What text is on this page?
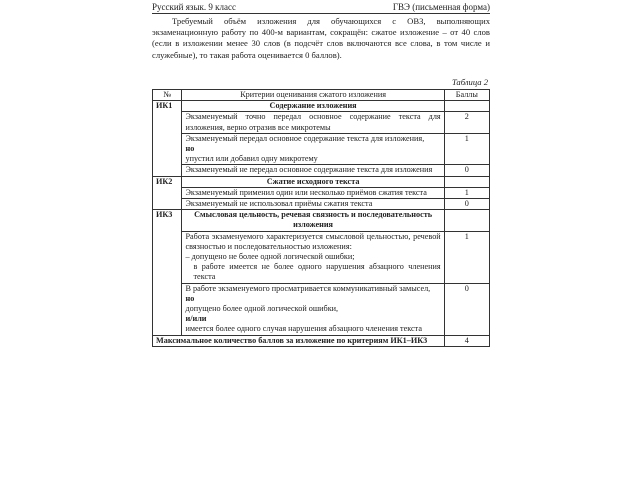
Русский язык. 9 класс	ГВЭ (письменная форма)
Требуемый объём изложения для обучающихся с ОВЗ, выполняющих экзаменационную работу по 400-м вариантам, сокращён: сжатое изложение – от 40 слов (если в изложении менее 30 слов (в подсчёт слов включаются все слова, в том числе и служебные), то такая работа оценивается 0 баллов).
Таблица 2
№	Критерии оценивания сжатого изложения	Баллы
ИК1	Содержание изложения	
	Экзаменуемый точно передал основное содержание текста для изложения, верно отразив все микротемы	2

	Экзаменуемый передал основное содержание текста для изложения,
но
упустил или добавил одну микротему	1
	Экзаменуемый не передал основное содержание текста для изложения	0
ИК2	Сжатие исходного текста	
	Экзаменуемый применил один или несколько приёмов сжатия текста	1
	Экзаменуемый не использовал приёмы сжатия текста	0
ИК3	Смысловая цельность, речевая связность и последовательность изложения	

	Работа экзаменуемого характеризуется смысловой цельностью, речевой связностью и последовательностью изложения:
– допущено не более одной логической ошибки;
в работе имеется не более одного нарушения абзацного членения текста	1

	В работе экзаменуемого просматривается коммуникативный замысел,
но
допущено более одной логической ошибки,
и/или
имеется более одного случая нарушения абзацного членения текста	0
Максимальное количество баллов за изложение по критериям ИК1–ИК3		4
